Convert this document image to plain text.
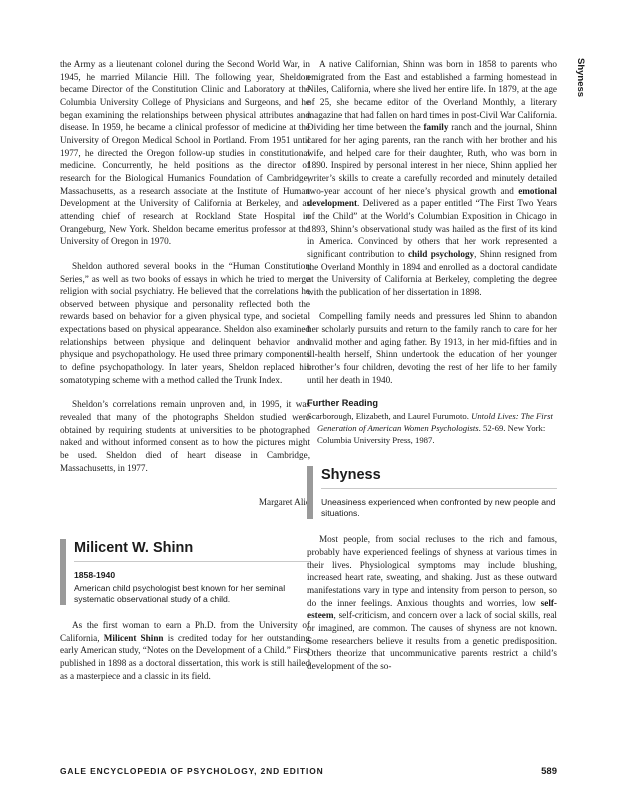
Shyness

the Army as a lieutenant colonel during the Second World War, in 1945, he married Milancie Hill. The following year, Sheldon became Director of the Constitution Clinic and Laboratory at the Columbia University College of Physicians and Surgeons, and he began examining the relationships between physical attributes and disease. In 1959, he became a clinical professor of medicine at the University of Oregon Medical School in Portland. From 1951 until 1977, he directed the Oregon follow-up studies in constitutional medicine. Concurrently, he held positions as the director of research for the Biological Humanics Foundation of Cambridge, Massachusetts, as a research associate at the Institute of Human Development at the University of California at Berkeley, and as attending chief of research at Rockland State Hospital in Orangeburg, New York. Sheldon became emeritus professor at the University of Oregon in 1970.

Sheldon authored several books in the “Human Constitution Series,” as well as two books of essays in which he tried to merge religion with social psychiatry. He believed that the correlations he observed between physique and personality reflected both the rewards based on behavior for a given physical type, and societal expectations based on physical appearance. Sheldon also examined relationships between physique and delinquent behavior and physique and psychopathology. He used three primary components to define psychopathology. In later years, Sheldon replaced his somatotyping scheme with a method called the Trunk Index.

Sheldon’s correlations remain unproven and, in 1995, it was revealed that many of the photographs Sheldon studied were obtained by requiring students at universities to be photographed naked and without informed consent as to how the pictures might be used. Sheldon died of heart disease in Cambridge, Massachusetts, in 1977.

Margaret Alic

Milicent W. Shinn

1858-1940
American child psychologist best known for her seminal systematic observational study of a child.

As the first woman to earn a Ph.D. from the University of California, Milicent Shinn is credited today for her outstanding early American study, “Notes on the Development of a Child.” First published in 1898 as a doctoral dissertation, this work is still hailed as a masterpiece and a classic in its field.

A native Californian, Shinn was born in 1858 to parents who emigrated from the East and established a farming homestead in Niles, California, where she lived her entire life. In 1879, at the age of 25, she became editor of the Overland Monthly, a literary magazine that had fallen on hard times in post-Civil War California. Dividing her time between the family ranch and the journal, Shinn cared for her aging parents, ran the ranch with her brother and his wife, and helped care for their daughter, Ruth, who was born in 1890. Inspired by personal interest in her niece, Shinn applied her writer’s skills to create a carefully recorded and minutely detailed two-year account of her niece’s physical growth and emotional development. Delivered as a paper entitled “The First Two Years of the Child” at the World’s Columbian Exposition in Chicago in 1893, Shinn’s observational study was hailed as the first of its kind in America. Convinced by others that her work represented a significant contribution to child psychology, Shinn resigned from the Overland Monthly in 1894 and enrolled as a doctoral candidate at the University of California at Berkeley, completing the degree with the publication of her dissertation in 1898.

Compelling family needs and pressures led Shinn to abandon her scholarly pursuits and return to the family ranch to care for her invalid mother and aging father. By 1913, in her mid-fifties and in ill-health herself, Shinn undertook the education of her younger brother’s four children, devoting the rest of her life to her family until her death in 1940.

Further Reading

Scarborough, Elizabeth, and Laurel Furumoto. Untold Lives: The First Generation of American Women Psychologists. 52-69. New York: Columbia University Press, 1987.

Shyness

Uneasiness experienced when confronted by new people and situations.

Most people, from social recluses to the rich and famous, probably have experienced feelings of shyness at various times in their lives. Physiological symptoms may include blushing, increased heart rate, sweating, and shaking. Just as these outward manifestations vary in type and intensity from person to person, so do the inner feelings. Anxious thoughts and worries, low self-esteem, self-criticism, and concern over a lack of social skills, real or imagined, are common. The causes of shyness are not known. Some researchers believe it results from a genetic predisposition. Others theorize that uncommunicative parents restrict a child’s development of the so-

GALE ENCYCLOPEDIA OF PSYCHOLOGY, 2ND EDITION	589
